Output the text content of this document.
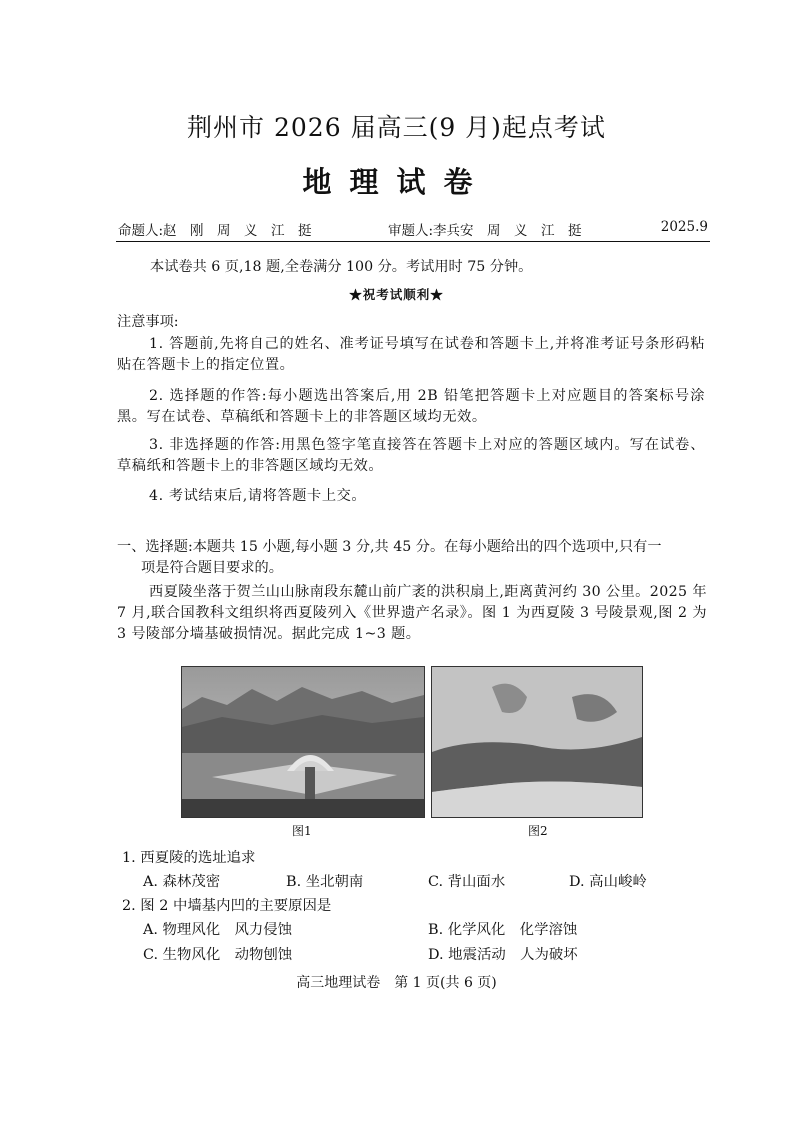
荆州市 2026 届高三(9 月)起点考试
地理试卷
命题人:赵　刚　周　义　江　挺	审题人:李兵安　周　义　江　挺	2025.9
本试卷共 6 页,18 题,全卷满分 100 分。考试用时 75 分钟。
★祝考试顺利★
注意事项:
1. 答题前,先将自己的姓名、准考证号填写在试卷和答题卡上,并将准考证号条形码粘贴在答题卡上的指定位置。
2. 选择题的作答:每小题选出答案后,用 2B 铅笔把答题卡上对应题目的答案标号涂黑。写在试卷、草稿纸和答题卡上的非答题区域均无效。
3. 非选择题的作答:用黑色签字笔直接答在答题卡上对应的答题区域内。写在试卷、草稿纸和答题卡上的非答题区域均无效。
4. 考试结束后,请将答题卡上交。
一、选择题:本题共 15 小题,每小题 3 分,共 45 分。在每小题给出的四个选项中,只有一
项是符合题目要求的。
西夏陵坐落于贺兰山山脉南段东麓山前广袤的洪积扇上,距离黄河约 30 公里。2025 年 7 月,联合国教科文组织将西夏陵列入《世界遗产名录》。图 1 为西夏陵 3 号陵景观,图 2 为 3 号陵部分墙基破损情况。据此完成 1~3 题。
图1	图2
1. 西夏陵的选址追求
A. 森林茂密	B. 坐北朝南	C. 背山面水	D. 高山峻岭
2. 图 2 中墙基内凹的主要原因是
A. 物理风化　风力侵蚀	B. 化学风化　化学溶蚀
C. 生物风化　动物刨蚀	D. 地震活动　人为破坏
高三地理试卷　第 1 页(共 6 页)
